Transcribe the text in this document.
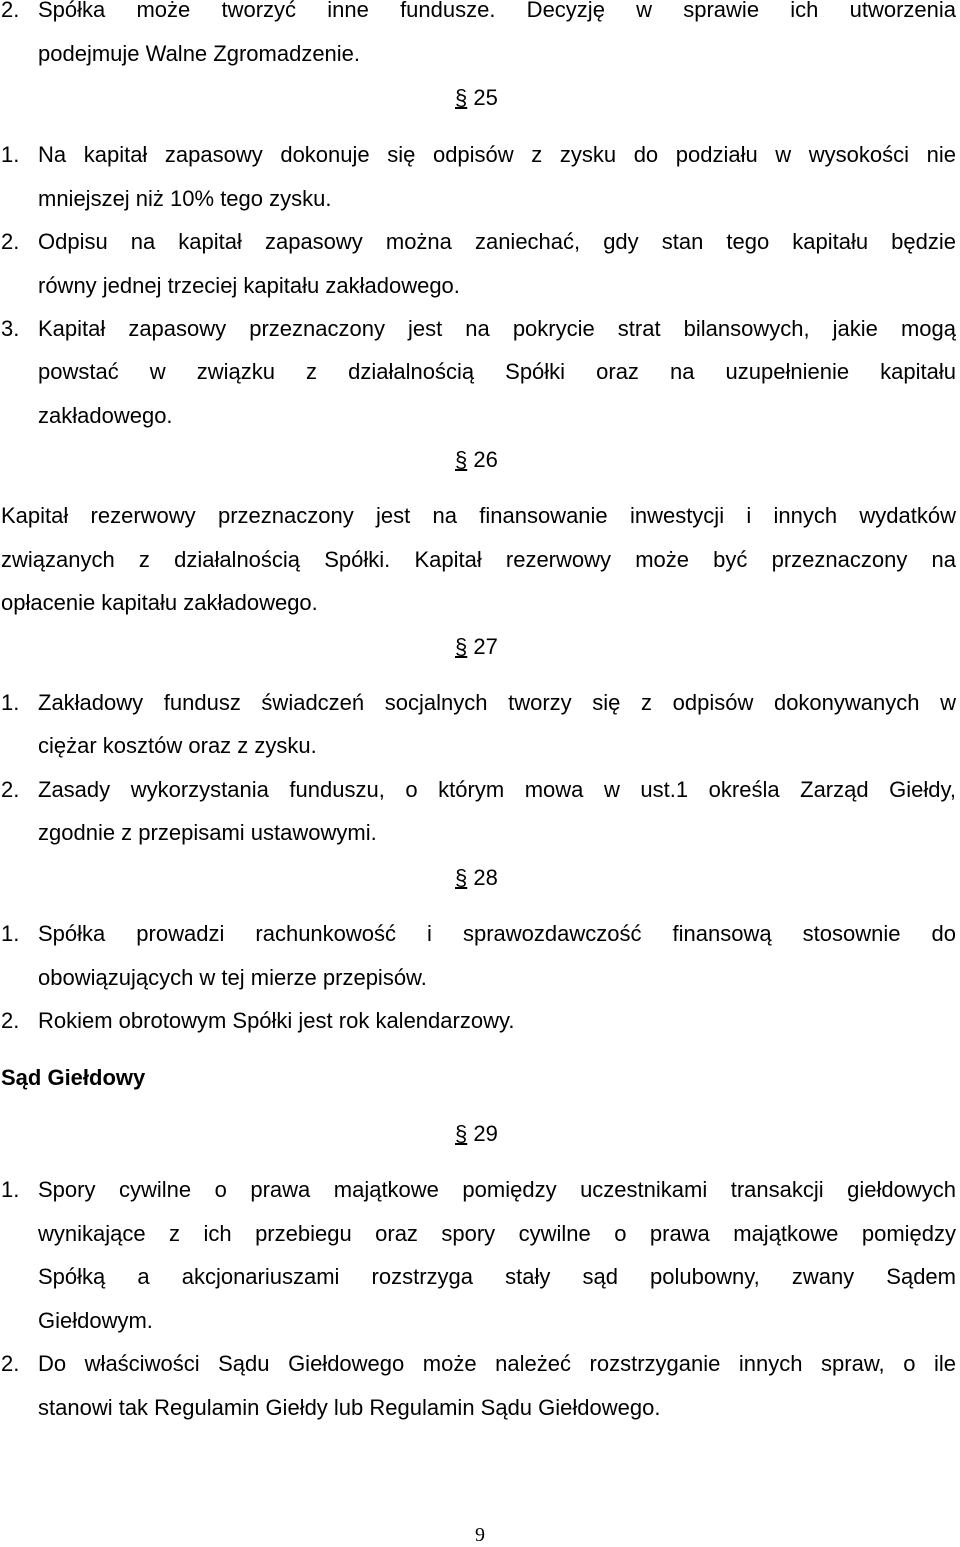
2. Spółka może tworzyć inne fundusze. Decyzję w sprawie ich utworzenia
podejmuje Walne Zgromadzenie.
§ 25
1. Na kapitał zapasowy dokonuje się odpisów z zysku do podziału w wysokości nie
mniejszej niż 10% tego zysku.
2. Odpisu na kapitał zapasowy można zaniechać, gdy stan tego kapitału będzie
równy jednej trzeciej kapitału zakładowego.
3. Kapitał zapasowy przeznaczony jest na pokrycie strat bilansowych, jakie mogą
powstać w związku z działalnością Spółki oraz na uzupełnienie kapitału
zakładowego.
§ 26
Kapitał rezerwowy przeznaczony jest na finansowanie inwestycji i innych wydatków
związanych z działalnością Spółki. Kapitał rezerwowy może być przeznaczony na
opłacenie kapitału zakładowego.
§ 27
1. Zakładowy fundusz świadczeń socjalnych tworzy się z odpisów dokonywanych w
ciężar kosztów oraz z zysku.
2. Zasady wykorzystania funduszu, o którym mowa w ust.1 określa Zarząd Giełdy,
zgodnie z przepisami ustawowymi.
§ 28
1. Spółka prowadzi rachunkowość i sprawozdawczość finansową stosownie do
obowiązujących w tej mierze przepisów.
2. Rokiem obrotowym Spółki jest rok kalendarzowy.
Sąd Giełdowy
§ 29
1. Spory cywilne o prawa majątkowe pomiędzy uczestnikami transakcji giełdowych
wynikające z ich przebiegu oraz spory cywilne o prawa majątkowe pomiędzy
Spółką a akcjonariuszami rozstrzyga stały sąd polubowny, zwany Sądem
Giełdowym.
2. Do właściwości Sądu Giełdowego może należeć rozstrzyganie innych spraw, o ile
stanowi tak Regulamin Giełdy lub Regulamin Sądu Giełdowego.
9
